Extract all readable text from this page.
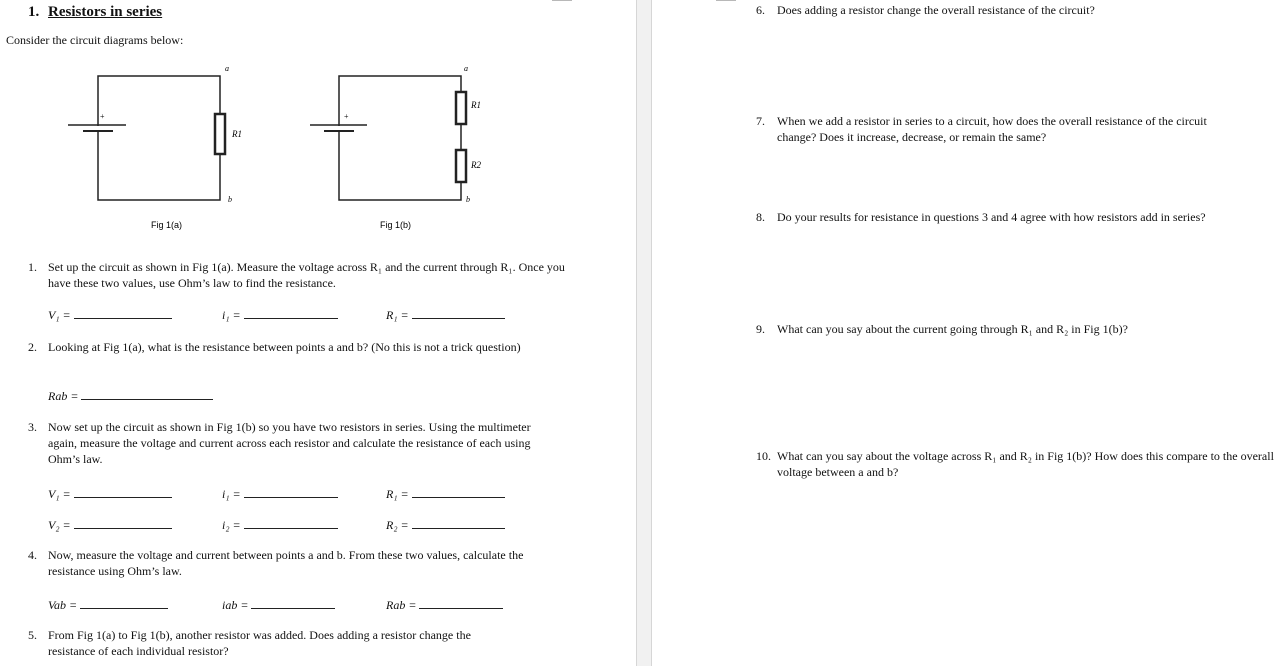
1. Resistors in series
Consider the circuit diagrams below:
+
a
b
R1
Fig 1(a)
+
a
b
R1
R2
Fig 1(b)
1. Set up the circuit as shown in Fig 1(a). Measure the voltage across R₁ and the current through R₁. Once you have these two values, use Ohm’s law to find the resistance.
V₁ =	i₁ =	R₁ =
2. Looking at Fig 1(a), what is the resistance between points a and b? (No this is not a trick question)
Rab =
3. Now set up the circuit as shown in Fig 1(b) so you have two resistors in series. Using the multimeter again, measure the voltage and current across each resistor and calculate the resistance of each using Ohm’s law.
V₁ =	i₁ =	R₁ =
V₂ =	i₂ =	R₂ =
4. Now, measure the voltage and current between points a and b. From these two values, calculate the resistance using Ohm’s law.
Vab =	iab =	Rab =
5. From Fig 1(a) to Fig 1(b), another resistor was added. Does adding a resistor change the resistance of each individual resistor?
6. Does adding a resistor change the overall resistance of the circuit?
7. When we add a resistor in series to a circuit, how does the overall resistance of the circuit change? Does it increase, decrease, or remain the same?
8. Do your results for resistance in questions 3 and 4 agree with how resistors add in series?
9. What can you say about the current going through R₁ and R₂ in Fig 1(b)?
10. What can you say about the voltage across R₁ and R₂ in Fig 1(b)? How does this compare to the overall voltage between a and b?
